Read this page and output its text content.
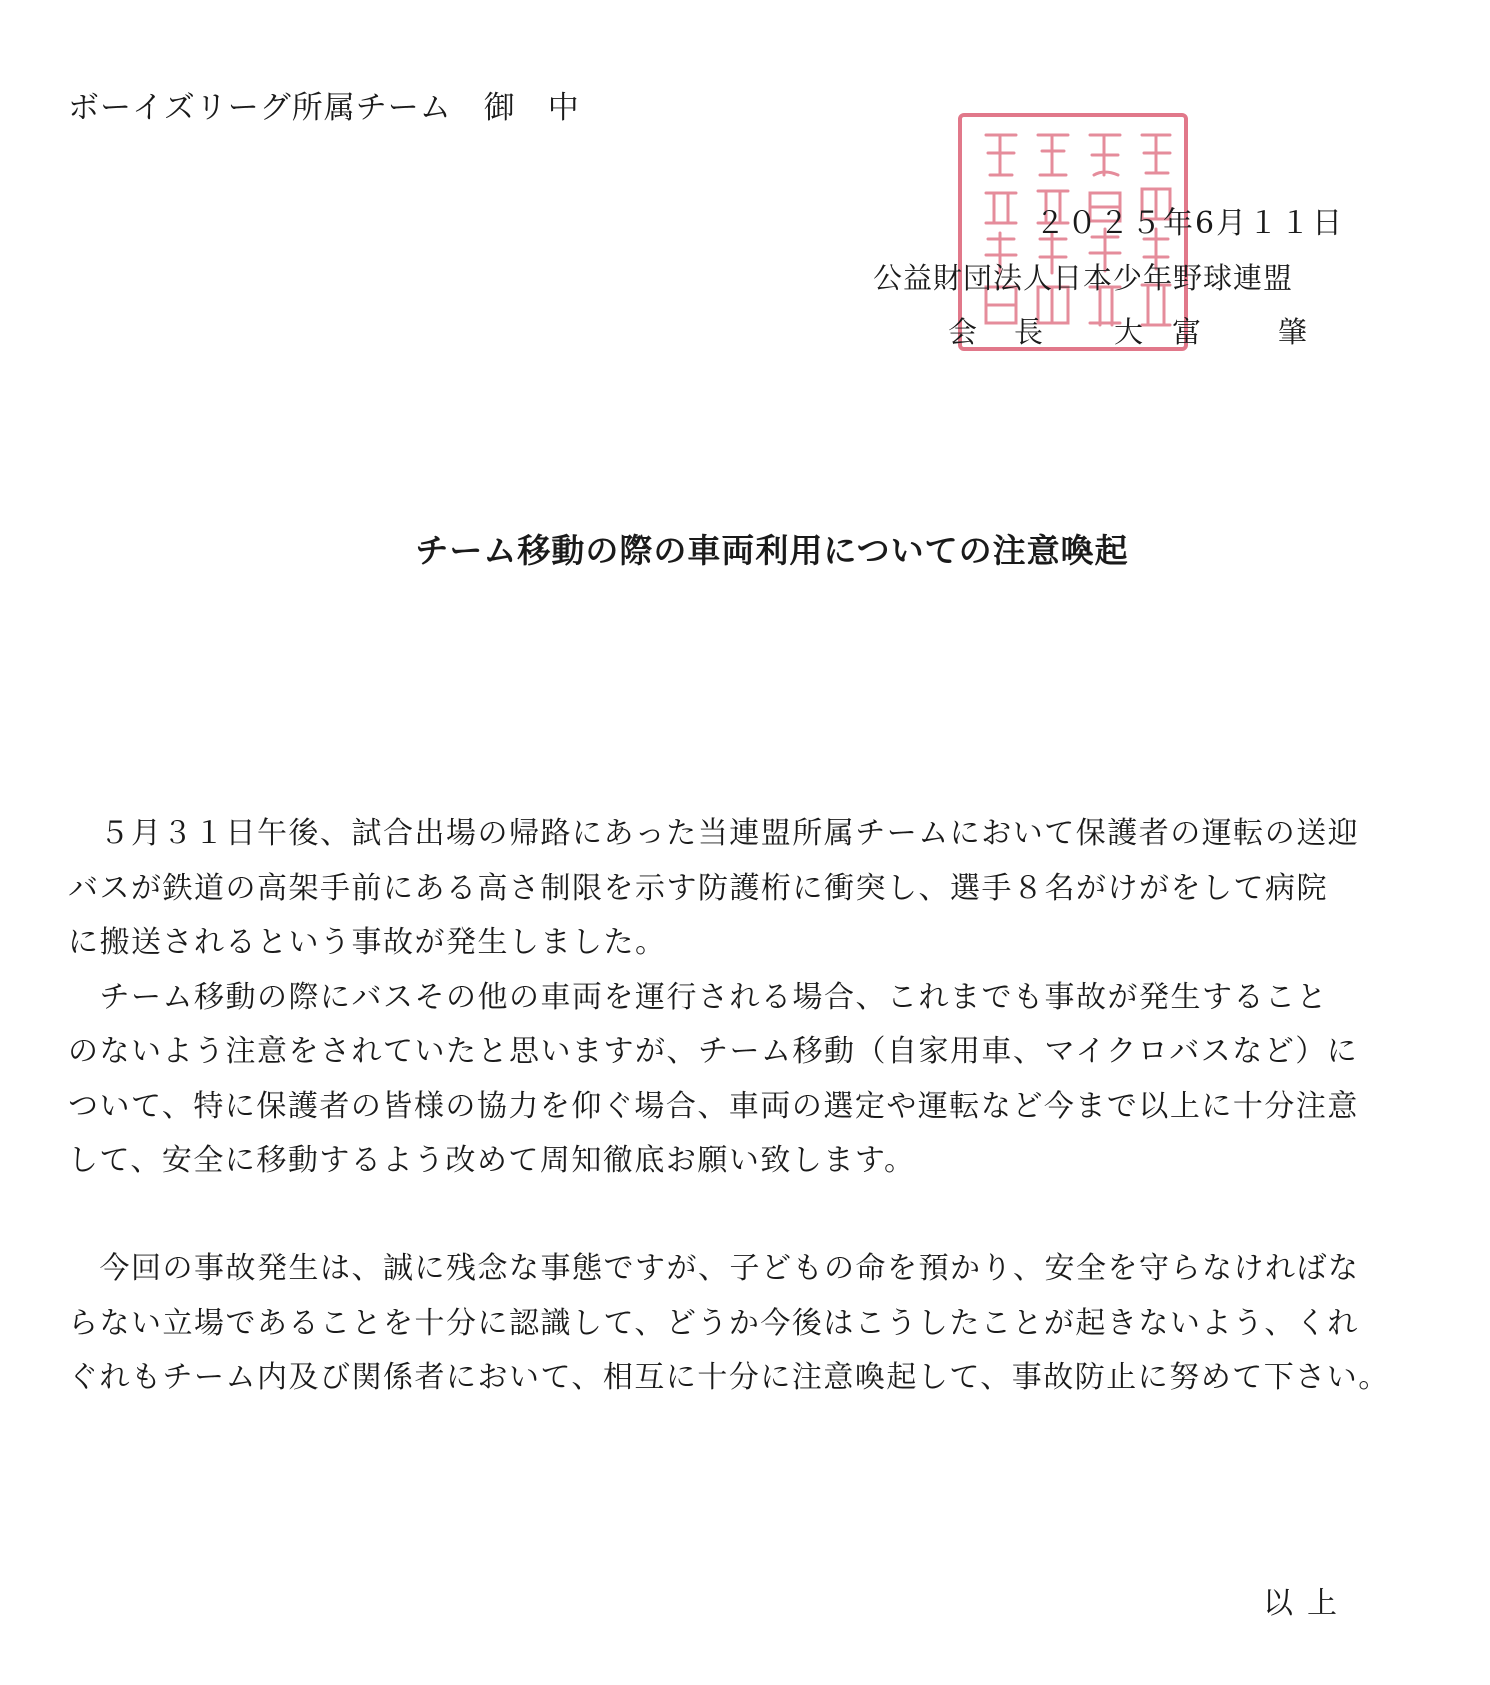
ボーイズリーグ所属チーム　御　中
２０２５年6月１１日
公益財団法人日本少年野球連盟
会 長 大 富	肇
チーム移動の際の車両利用についての注意喚起
　５月３１日午後、試合出場の帰路にあった当連盟所属チームにおいて保護者の運転の送迎
バスが鉄道の高架手前にある高さ制限を示す防護桁に衝突し、選手８名がけがをして病院
に搬送されるという事故が発生しました。
　チーム移動の際にバスその他の車両を運行される場合、これまでも事故が発生すること
のないよう注意をされていたと思いますが、チーム移動（自家用車、マイクロバスなど）に
ついて、特に保護者の皆様の協力を仰ぐ場合、車両の選定や運転など今まで以上に十分注意
して、安全に移動するよう改めて周知徹底お願い致します。
　今回の事故発生は、誠に残念な事態ですが、子どもの命を預かり、安全を守らなければな
らない立場であることを十分に認識して、どうか今後はこうしたことが起きないよう、くれ
ぐれもチーム内及び関係者において、相互に十分に注意喚起して、事故防止に努めて下さい。
以上
